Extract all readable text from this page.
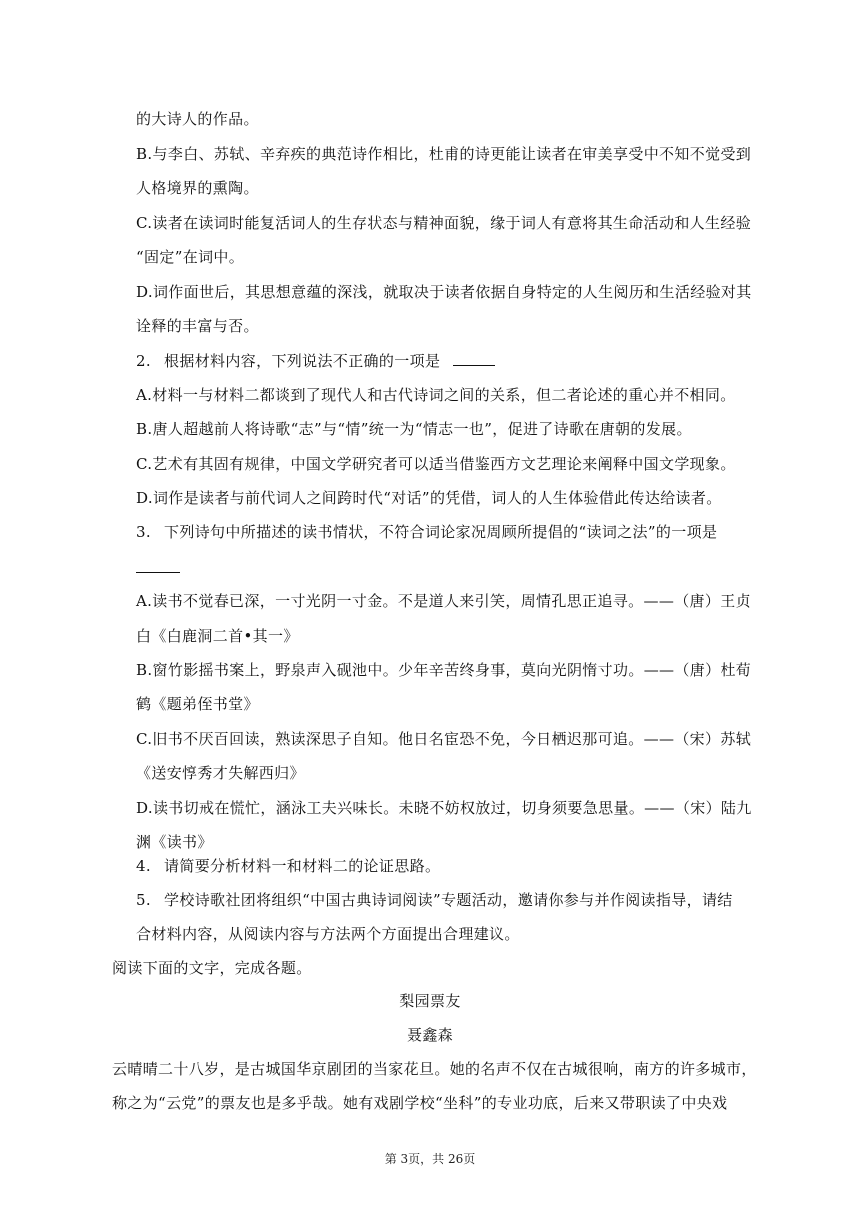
的大诗人的作品。
B.与李白、苏轼、辛弃疾的典范诗作相比，杜甫的诗更能让读者在审美享受中不知不觉受到
人格境界的熏陶。
C.读者在读词时能复活词人的生存状态与精神面貌，缘于词人有意将其生命活动和人生经验
“固定”在词中。
D.词作面世后，其思想意蕴的深浅，就取决于读者依据自身特定的人生阅历和生活经验对其
诠释的丰富与否。
2. 根据材料内容，下列说法不正确的一项是
A.材料一与材料二都谈到了现代人和古代诗词之间的关系，但二者论述的重心并不相同。
B.唐人超越前人将诗歌“志”与“情”统一为“情志一也”，促进了诗歌在唐朝的发展。
C.艺术有其固有规律，中国文学研究者可以适当借鉴西方文艺理论来阐释中国文学现象。
D.词作是读者与前代词人之间跨时代“对话”的凭借，词人的人生体验借此传达给读者。
3. 下列诗句中所描述的读书情状，不符合词论家况周顾所提倡的“读词之法”的一项是
A.读书不觉春已深，一寸光阴一寸金。不是道人来引笑，周情孔思正追寻。——（唐）王贞
白《白鹿洞二首•其一》
B.窗竹影摇书案上，野泉声入砚池中。少年辛苦终身事，莫向光阴惰寸功。——（唐）杜荀
鹤《题弟侄书堂》
C.旧书不厌百回读，熟读深思子自知。他日名宦恐不免，今日栖迟那可追。——（宋）苏轼
《送安惇秀才失解西归》
D.读书切戒在慌忙，涵泳工夫兴味长。未晓不妨权放过，切身须要急思量。——（宋）陆九
渊《读书》
4. 请简要分析材料一和材料二的论证思路。
5. 学校诗歌社团将组织“中国古典诗词阅读”专题活动，邀请你参与并作阅读指导，请结
合材料内容，从阅读内容与方法两个方面提出合理建议。
阅读下面的文字，完成各题。
梨园票友
聂鑫森
云晴晴二十八岁，是古城国华京剧团的当家花旦。她的名声不仅在古城很响，南方的许多城市，
称之为“云党”的票友也是多乎哉。她有戏剧学校“坐科”的专业功底，后来又带职读了中央戏
第 3页，共 26页
